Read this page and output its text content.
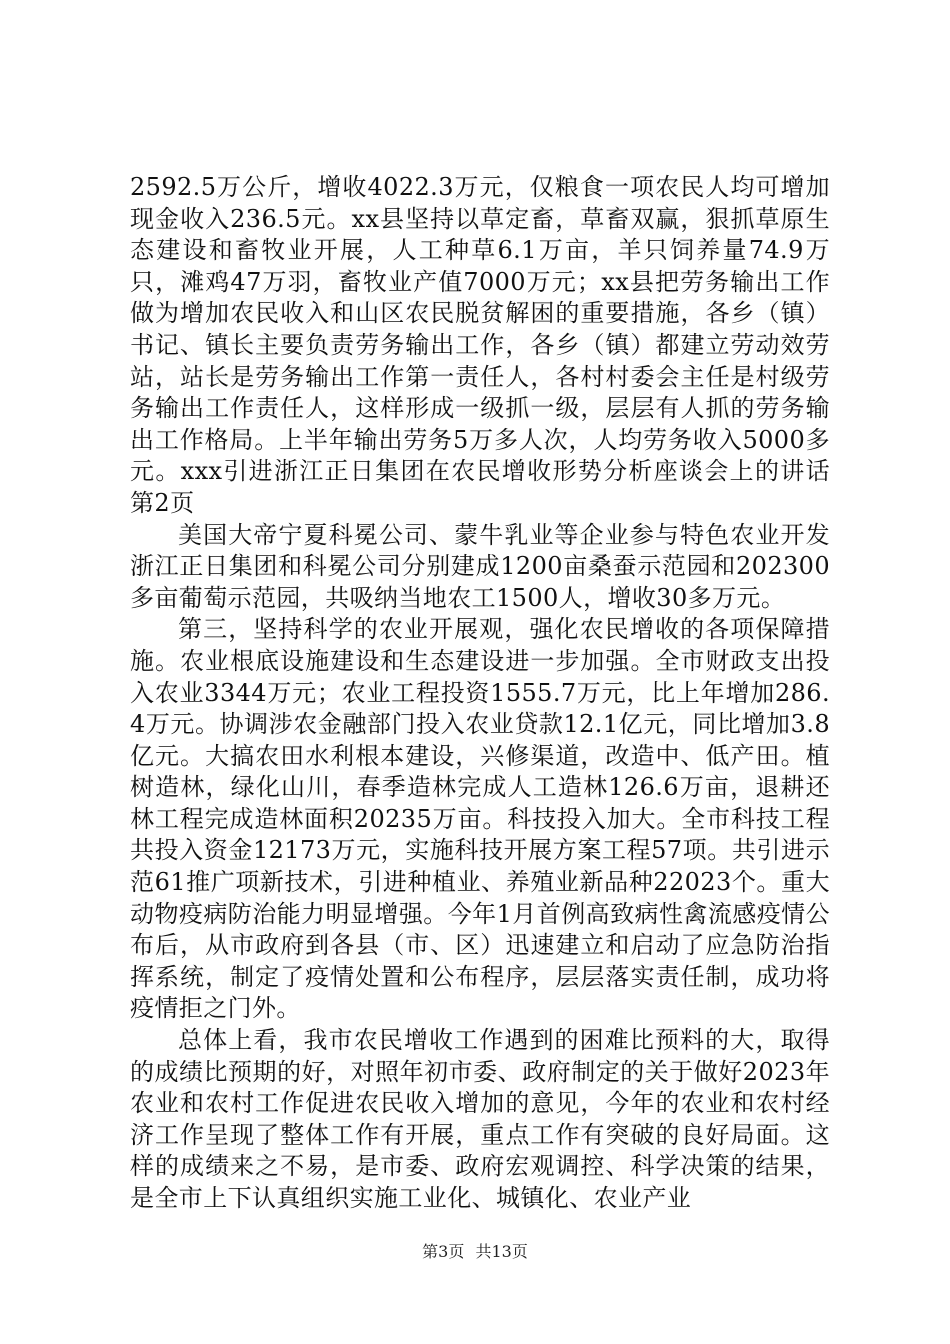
2592.5万公斤，增收4022.3万元，仅粮食一项农民人均可增加现金收入236.5元。xx县坚持以草定畜，草畜双赢，狠抓草原生态建设和畜牧业开展，人工种草6.1万亩，羊只饲养量74.9万只，滩鸡47万羽，畜牧业产值7000万元；xx县把劳务输出工作做为增加农民收入和山区农民脱贫解困的重要措施，各乡（镇）书记、镇长主要负责劳务输出工作，各乡（镇）都建立劳动效劳站，站长是劳务输出工作第一责任人，各村村委会主任是村级劳务输出工作责任人，这样形成一级抓一级，层层有人抓的劳务输出工作格局。上半年输出劳务5万多人次，人均劳务收入5000多元。xxx引进浙江正日集团在农民增收形势分析座谈会上的讲话第2页

美国大帝宁夏科冕公司、蒙牛乳业等企业参与特色农业开发浙江正日集团和科冕公司分别建成1200亩桑蚕示范园和202300多亩葡萄示范园，共吸纳当地农工1500人，增收30多万元。

第三，坚持科学的农业开展观，强化农民增收的各项保障措施。农业根底设施建设和生态建设进一步加强。全市财政支出投入农业3344万元；农业工程投资1555.7万元，比上年增加286.4万元。协调涉农金融部门投入农业贷款12.1亿元，同比增加3.8亿元。大搞农田水利根本建设，兴修渠道，改造中、低产田。植树造林，绿化山川，春季造林完成人工造林126.6万亩，退耕还林工程完成造林面积20235万亩。科技投入加大。全市科技工程共投入资金12173万元，实施科技开展方案工程57项。共引进示范61推广项新技术，引进种植业、养殖业新品种22023个。重大动物疫病防治能力明显增强。今年1月首例高致病性禽流感疫情公布后，从市政府到各县（市、区）迅速建立和启动了应急防治指挥系统，制定了疫情处置和公布程序，层层落实责任制，成功将疫情拒之门外。

总体上看，我市农民增收工作遇到的困难比预料的大，取得的成绩比预期的好，对照年初市委、政府制定的关于做好2023年农业和农村工作促进农民收入增加的意见，今年的农业和农村经济工作呈现了整体工作有开展，重点工作有突破的良好局面。这样的成绩来之不易，是市委、政府宏观调控、科学决策的结果，是全市上下认真组织实施工业化、城镇化、农业产业

第3页 共13页
